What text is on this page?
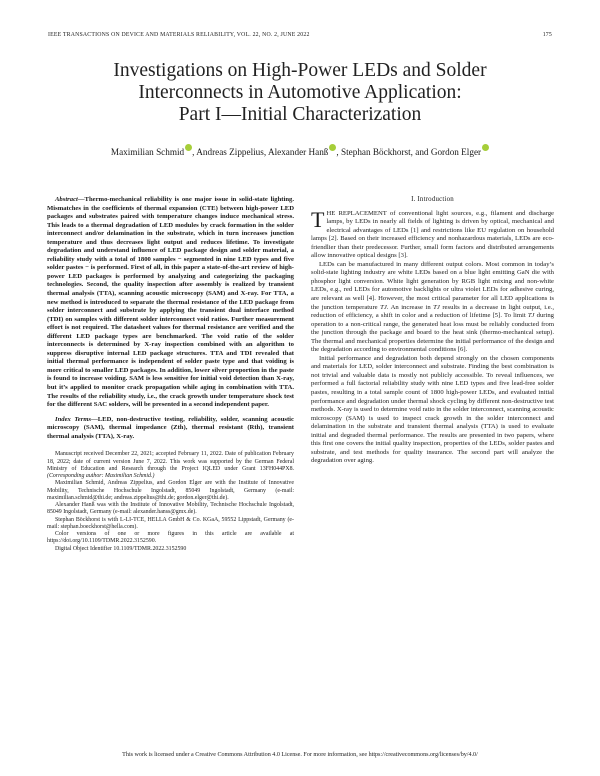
IEEE TRANSACTIONS ON DEVICE AND MATERIALS RELIABILITY, VOL. 22, NO. 2, JUNE 2022	175
Investigations on High-Power LEDs and Solder
Interconnects in Automotive Application:
Part I—Initial Characterization
Maximilian Schmid , Andreas Zippelius, Alexander Hanß , Stephan Böckhorst, and Gordon Elger

Abstract—Thermo-mechanical reliability is one major issue in solid-state lighting. Mismatches in the coefficients of thermal expansion (CTE) between high-power LED packages and substrates paired with temperature changes induce mechanical stress. This leads to a thermal degradation of LED modules by crack formation in the solder interconnect and/or delamination in the substrate, which in turn increases junction temperature and thus decreases light output and reduces lifetime. To investigate degradation and understand influence of LED package design and solder material, a reliability study with a total of 1800 samples − segmented in nine LED types and five solder pastes − is performed. First of all, in this paper a state-of-the-art review of high-power LED packages is performed by analyzing and categorizing the packaging technologies. Second, the quality inspection after assembly is realized by transient thermal analysis (TTA), scanning acoustic microscopy (SAM) and X-ray. For TTA, a new method is introduced to separate the thermal resistance of the LED package from solder interconnect and substrate by applying the transient dual interface method (TDI) on samples with different solder interconnect void ratios. Further measurement effort is not required. The datasheet values for thermal resistance are verified and the different LED package types are benchmarked. The void ratio of the solder interconnects is determined by X-ray inspection combined with an algorithm to suppress disruptive internal LED package structures. TTA and TDI revealed that initial thermal performance is independent of solder paste type and that voiding is more critical to smaller LED packages. In addition, lower silver proportion in the paste is found to increase voiding. SAM is less sensitive for initial void detection than X-ray, but it’s applied to monitor crack propagation while aging in combination with TTA. The results of the reliability study, i.e., the crack growth under temperature shock test for the different SAC solders, will be presented in a second independent paper.

Index Terms—LED, non-destructive testing, reliability, solder, scanning acoustic microscopy (SAM), thermal impedance (Zth), thermal resistant (Rth), transient thermal analysis (TTA), X-ray.

Manuscript received December 22, 2021; accepted February 11, 2022. Date of publication February 18, 2022; date of current version June 7, 2022. This work was supported by the German Federal Ministry of Education and Research through the Project IQLED under Grant 13FH044PX8. (Corresponding author: Maximilian Schmid.)

Maximilian Schmid, Andreas Zippelius, and Gordon Elger are with the Institute of Innovative Mobility, Technische Hochschule Ingolstadt, 85049 Ingolstadt, Germany (e-mail: maximilian.schmid@thi.de; andreas.zippelius@thi.de; gordon.elger@thi.de).

Alexander Hanß was with the Institute of Innovative Mobility, Technische Hochschule Ingolstadt, 85049 Ingolstadt, Germany (e-mail: alexander.hanss@gmx.de).

Stephan Böckhorst is with L-LI-TCE, HELLA GmbH & Co. KGaA, 59552 Lippstadt, Germany (e-mail: stephan.boeckhorst@hella.com).

Color versions of one or more figures in this article are available at https://doi.org/10.1109/TDMR.2022.3152590.

Digital Object Identifier 10.1109/TDMR.2022.3152590

I. Introduction

THE REPLACEMENT of conventional light sources, e.g., filament and discharge lamps, by LEDs in nearly all fields of lighting is driven by optical, mechanical and electrical advantages of LEDs [1] and restrictions like EU regulation on household lamps [2]. Based on their increased efficiency and nonhazardous materials, LEDs are eco-friendlier than their predecessor. Further, small form factors and distributed arrangements allow innovative optical designs [3].

LEDs can be manufactured in many different output colors. Most common in today’s solid-state lighting industry are white LEDs based on a blue light emitting GaN die with phosphor light conversion. White light generation by RGB light mixing and non-white LEDs, e.g., red LEDs for automotive backlights or ultra violet LEDs for adhesive curing, are relevant as well [4]. However, the most critical parameter for all LED applications is the junction temperature TJ. An increase in TJ results in a decrease in light output, i.e., reduction of efficiency, a shift in color and a reduction of lifetime [5]. To limit TJ during operation to a non-critical range, the generated heat loss must be reliably conducted from the junction through the package and board to the heat sink (thermo-mechanical setup). The thermal and mechanical properties determine the initial performance of the design and the degradation according to environmental conditions [6].

Initial performance and degradation both depend strongly on the chosen components and materials for LED, solder interconnect and substrate. Finding the best combination is not trivial and valuable data is mostly not publicly accessible. To reveal influences, we performed a full factorial reliability study with nine LED types and five lead-free solder pastes, resulting in a total sample count of 1800 high-power LEDs, and evaluated initial performance and degradation under thermal shock cycling by different non-destructive test methods. X-ray is used to determine void ratio in the solder interconnect, scanning acoustic microscopy (SAM) is used to inspect crack growth in the solder interconnect and delamination in the substrate and transient thermal analysis (TTA) is used to evaluate initial and degraded thermal performance. The results are presented in two papers, where this first one covers the initial quality inspection, properties of the LEDs, solder pastes and substrate, and test methods for quality insurance. The second part will analyze the degradation over aging.

This work is licensed under a Creative Commons Attribution 4.0 License. For more information, see https://creativecommons.org/licenses/by/4.0/
